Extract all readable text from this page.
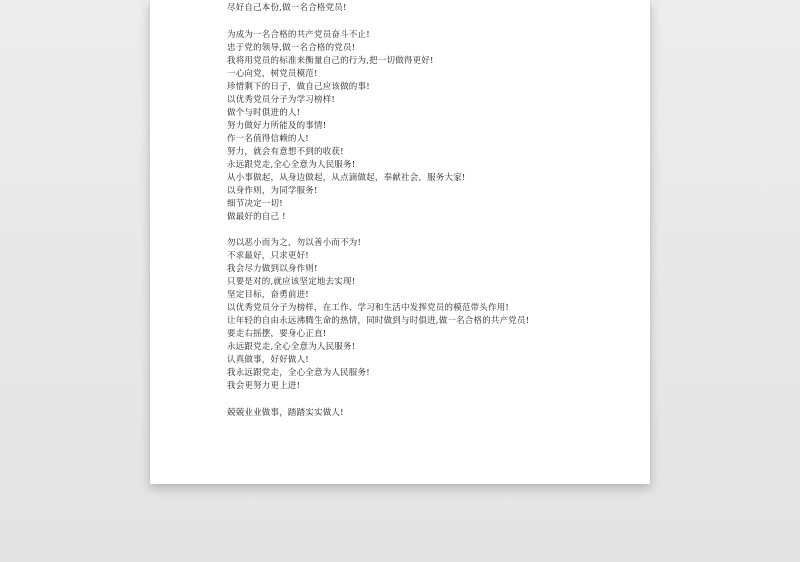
尽好自己本份,做一名合格党员!
为成为一名合格的共产党员奋斗不止!
忠于党的领导,做一名合格的党员!
我将用党员的标准来衡量自己的行为,把一切做得更好!
一心向党，树党员模范!
珍惜剩下的日子，做自己应该做的事!
以优秀党员分子为学习榜样!
做个与时俱进的人!
努力做好力所能及的事情!
作一名值得信赖的人!
努力，就会有意想不到的收获!
永远跟党走,全心全意为人民服务!
从小事做起，从身边做起，从点滴做起，奉献社会，服务大家!
以身作则，为同学服务!
细节决定一切!
做最好的自己 !
勿以恶小而为之，勿以善小而不为!
不求最好，只求更好!
我会尽力做到以身作则!
只要是对的,就应该坚定地去实现!
坚定目标，奋勇前进!
以优秀党员分子为榜样，在工作、学习和生活中发挥党员的模范带头作用!
让年轻的自由永远沸腾生命的热情，同时做到与时俱进,做一名合格的共产党员!
要走右摇摆，要身心正直!
永远跟党走,全心全意为人民服务!
认真做事，好好做人!
我永远跟党走，全心全意为人民服务!
我会更努力更上进!
兢兢业业做事，踏踏实实做人!
